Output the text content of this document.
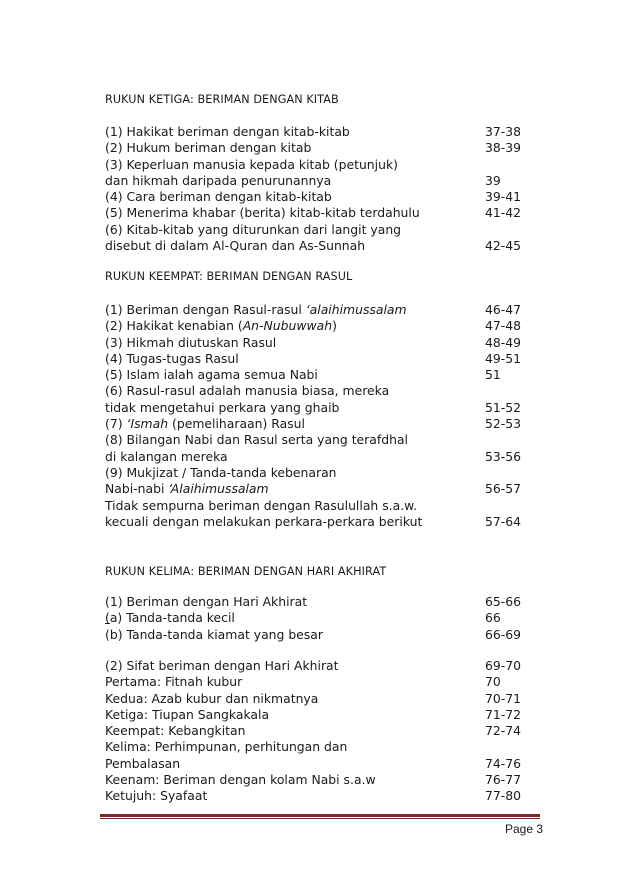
RUKUN KETIGA: BERIMAN DENGAN KITAB
(1) Hakikat beriman dengan kitab-kitab	37-38
(2) Hukum beriman dengan kitab	38-39
(3) Keperluan manusia kepada kitab (petunjuk)
dan hikmah daripada penurunannya	39
(4) Cara beriman dengan kitab-kitab	39-41
(5) Menerima khabar (berita) kitab-kitab terdahulu	41-42
(6) Kitab-kitab yang diturunkan dari langit yang
disebut di dalam Al-Quran dan As-Sunnah	42-45
RUKUN KEEMPAT: BERIMAN DENGAN RASUL
(1) Beriman dengan Rasul-rasul ‘alaihimussalam	46-47
(2) Hakikat kenabian (An-Nubuwwah)	47-48
(3) Hikmah diutuskan Rasul	48-49
(4) Tugas-tugas Rasul	49-51
(5) Islam ialah agama semua Nabi	51
(6) Rasul-rasul adalah manusia biasa, mereka
tidak mengetahui perkara yang ghaib	51-52
(7) ‘Ismah (pemeliharaan) Rasul	52-53
(8) Bilangan Nabi dan Rasul serta yang terafdhal
di kalangan mereka	53-56
(9) Mukjizat / Tanda-tanda kebenaran
Nabi-nabi ‘Alaihimussalam	56-57
Tidak sempurna beriman dengan Rasulullah s.a.w.
kecuali dengan melakukan perkara-perkara berikut	57-64
RUKUN KELIMA: BERIMAN DENGAN HARI AKHIRAT
(1) Beriman dengan Hari Akhirat	65-66
(a) Tanda-tanda kecil	66
(b) Tanda-tanda kiamat yang besar	66-69
(2) Sifat beriman dengan Hari Akhirat	69-70
Pertama: Fitnah kubur	70
Kedua: Azab kubur dan nikmatnya	70-71
Ketiga: Tiupan Sangkakala	71-72
Keempat: Kebangkitan	72-74
Kelima: Perhimpunan, perhitungan dan
Pembalasan	74-76
Keenam: Beriman dengan kolam Nabi s.a.w	76-77
Ketujuh: Syafaat	77-80
Page 3
